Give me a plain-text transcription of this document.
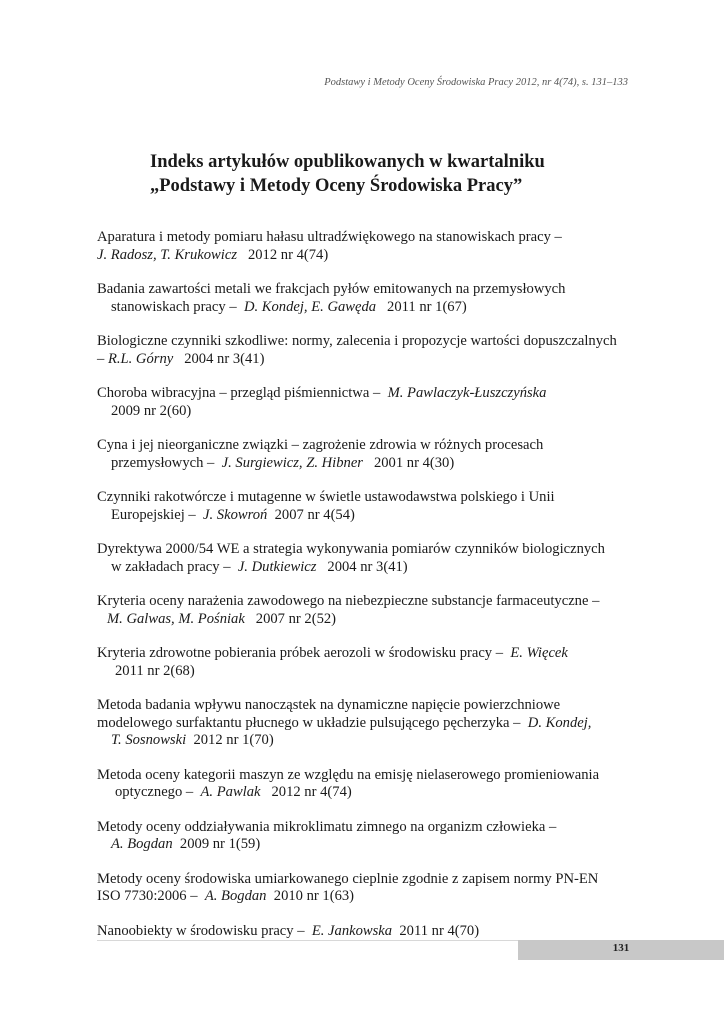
Podstawy i Metody Oceny Środowiska Pracy 2012, nr 4(74), s. 131–133
Indeks artykułów opublikowanych w kwartalniku
„Podstawy i Metody Oceny Środowiska Pracy”
Aparatura i metody pomiaru hałasu ultradźwiękowego na stanowiskach pracy –
J. Radosz, T. Krukowicz 2012 nr 4(74)
Badania zawartości metali we frakcjach pyłów emitowanych na przemysłowych
stanowiskach pracy – D. Kondej, E. Gawęda 2011 nr 1(67)
Biologiczne czynniki szkodliwe: normy, zalecenia i propozycje wartości dopuszczalnych
– R.L. Górny 2004 nr 3(41)
Choroba wibracyjna – przegląd piśmiennictwa – M. Pawlaczyk-Łuszczyńska
2009 nr 2(60)
Cyna i jej nieorganiczne związki – zagrożenie zdrowia w różnych procesach
przemysłowych – J. Surgiewicz, Z. Hibner 2001 nr 4(30)
Czynniki rakotwórcze i mutagenne w świetle ustawodawstwa polskiego i Unii
Europejskiej – J. Skowroń 2007 nr 4(54)
Dyrektywa 2000/54 WE a strategia wykonywania pomiarów czynników biologicznych
w zakładach pracy – J. Dutkiewicz 2004 nr 3(41)
Kryteria oceny narażenia zawodowego na niebezpieczne substancje farmaceutyczne –
M. Galwas, M. Pośniak 2007 nr 2(52)
Kryteria zdrowotne pobierania próbek aerozoli w środowisku pracy – E. Więcek
2011 nr 2(68)
Metoda badania wpływu nanocząstek na dynamiczne napięcie powierzchniowe
modelowego surfaktantu płucnego w układzie pulsującego pęcherzyka – D. Kondej,
T. Sosnowski 2012 nr 1(70)
Metoda oceny kategorii maszyn ze względu na emisję nielaserowego promieniowania
optycznego – A. Pawlak 2012 nr 4(74)
Metody oceny oddziaływania mikroklimatu zimnego na organizm człowieka –
A. Bogdan 2009 nr 1(59)
Metody oceny środowiska umiarkowanego cieplnie zgodnie z zapisem normy PN-EN
ISO 7730:2006 – A. Bogdan 2010 nr 1(63)
Nanoobiekty w środowisku pracy – E. Jankowska 2011 nr 4(70)
131
